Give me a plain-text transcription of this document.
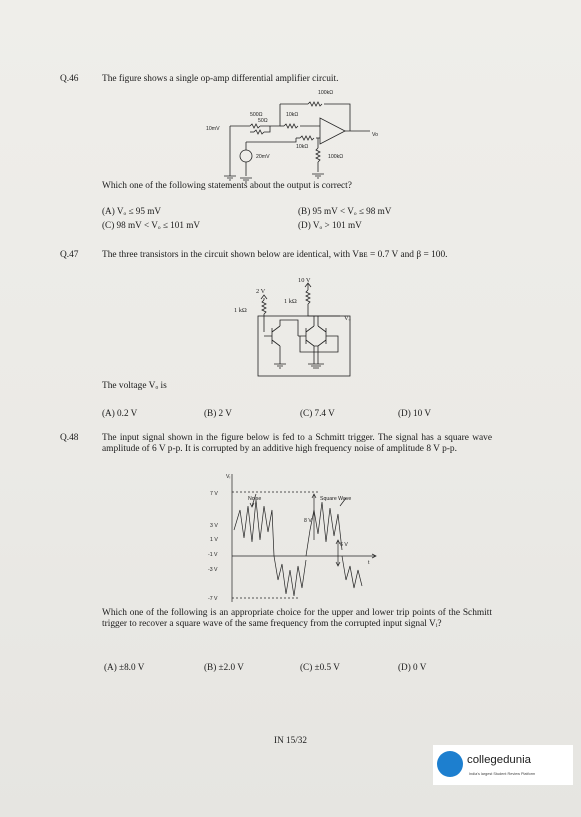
Q.46	The figure shows a single op-amp differential amplifier circuit.
100kΩ
500Ω	10kΩ
50Ω
10kΩ
100kΩ
10mV
20mV
Vo
Which one of the following statements about the output is correct?
(A) Vₒ ≤ 95 mV	(B) 95 mV < Vₒ ≤ 98 mV
(C) 98 mV < Vₒ ≤ 101 mV	(D) Vₒ > 101 mV
Q.47	The three transistors in the circuit shown below are identical, with Vʙᴇ = 0.7 V and β = 100.
10 V
2 V
1 kΩ
1 kΩ
Vₒ
The voltage Vₒ is
(A) 0.2 V	(B) 2 V	(C) 7.4 V	(D) 10 V
Q.48	The input signal shown in the figure below is fed to a Schmitt trigger. The signal has a square wave amplitude of 6 V p-p. It is corrupted by an additive high frequency noise of amplitude 8 V p-p.
Vᵢ
Noise	Square Wave
7 V
3 V
1 V
-1 V
-3 V
-7 V
8 V
6 V
t
Which one of the following is an appropriate choice for the upper and lower trip points of the Schmitt trigger to recover a square wave of the same frequency from the corrupted input signal Vᵢ?
(A) ±8.0 V	(B) ±2.0 V	(C) ±0.5 V	(D) 0 V
IN 15/32
collegedunia
India's largest Student Review Platform
